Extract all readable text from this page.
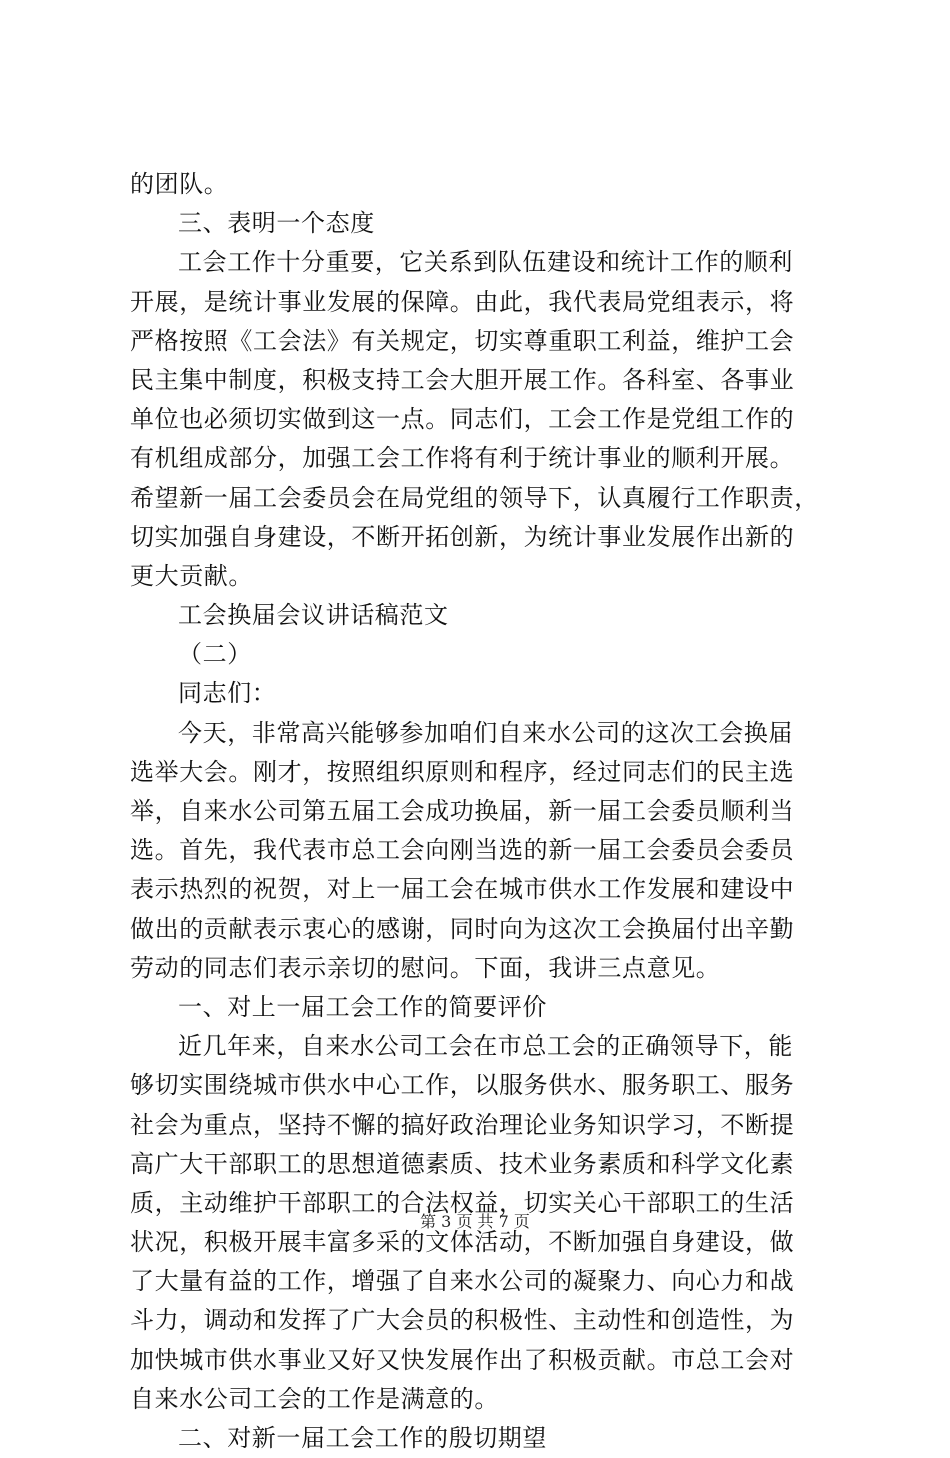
的团队。
三、表明一个态度
工会工作十分重要，它关系到队伍建设和统计工作的顺利
开展，是统计事业发展的保障。由此，我代表局党组表示，将
严格按照《工会法》有关规定，切实尊重职工利益，维护工会
民主集中制度，积极支持工会大胆开展工作。各科室、各事业
单位也必须切实做到这一点。同志们，工会工作是党组工作的
有机组成部分，加强工会工作将有利于统计事业的顺利开展。
希望新一届工会委员会在局党组的领导下，认真履行工作职责，
切实加强自身建设，不断开拓创新，为统计事业发展作出新的
更大贡献。
工会换届会议讲话稿范文
（二）
同志们：
今天，非常高兴能够参加咱们自来水公司的这次工会换届
选举大会。刚才，按照组织原则和程序，经过同志们的民主选
举，自来水公司第五届工会成功换届，新一届工会委员顺利当
选。首先，我代表市总工会向刚当选的新一届工会委员会委员
表示热烈的祝贺，对上一届工会在城市供水工作发展和建设中
做出的贡献表示衷心的感谢，同时向为这次工会换届付出辛勤
劳动的同志们表示亲切的慰问。下面，我讲三点意见。
一、对上一届工会工作的简要评价
近几年来，自来水公司工会在市总工会的正确领导下，能
够切实围绕城市供水中心工作，以服务供水、服务职工、服务
社会为重点，坚持不懈的搞好政治理论业务知识学习，不断提
高广大干部职工的思想道德素质、技术业务素质和科学文化素
质，主动维护干部职工的合法权益，切实关心干部职工的生活
状况，积极开展丰富多采的文体活动，不断加强自身建设，做
了大量有益的工作，增强了自来水公司的凝聚力、向心力和战
斗力，调动和发挥了广大会员的积极性、主动性和创造性，为
加快城市供水事业又好又快发展作出了积极贡献。市总工会对
自来水公司工会的工作是满意的。
二、对新一届工会工作的殷切期望
第 3 页 共 7 页
